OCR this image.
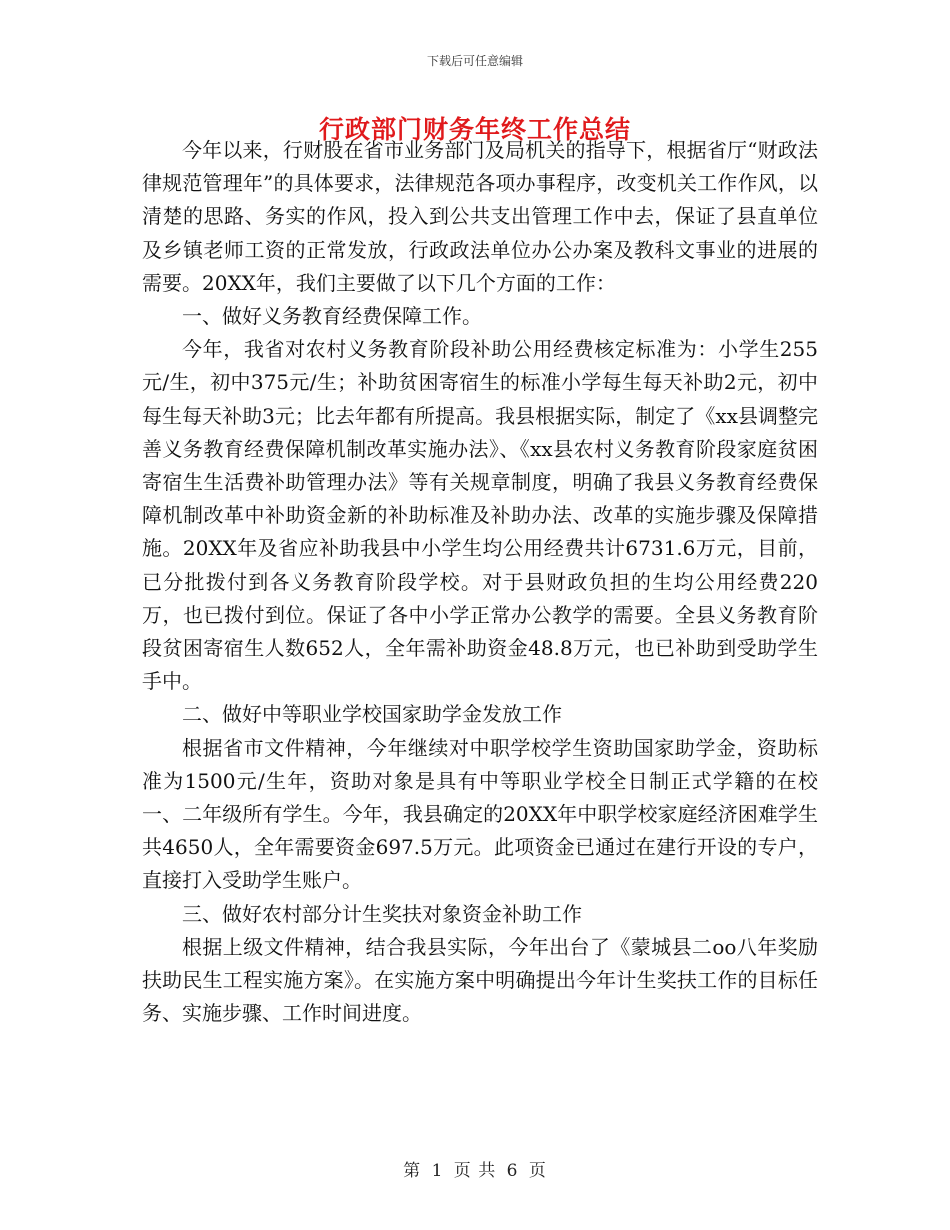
下载后可任意编辑
行政部门财务年终工作总结

今年以来，行财股在省市业务部门及局机关的指导下，根据省厅“财政法律规范管理年”的具体要求，法律规范各项办事程序，改变机关工作作风，以清楚的思路、务实的作风，投入到公共支出管理工作中去，保证了县直单位及乡镇老师工资的正常发放，行政政法单位办公办案及教科文事业的进展的需要。20XX年，我们主要做了以下几个方面的工作：

一、做好义务教育经费保障工作。

今年，我省对农村义务教育阶段补助公用经费核定标准为：小学生255元/生，初中375元/生；补助贫困寄宿生的标准小学每生每天补助2元，初中每生每天补助3元；比去年都有所提高。我县根据实际，制定了《xx县调整完善义务教育经费保障机制改革实施办法》、《xx县农村义务教育阶段家庭贫困寄宿生生活费补助管理办法》等有关规章制度，明确了我县义务教育经费保障机制改革中补助资金新的补助标准及补助办法、改革的实施步骤及保障措施。20XX年及省应补助我县中小学生均公用经费共计6731.6万元，目前，已分批拨付到各义务教育阶段学校。对于县财政负担的生均公用经费220万，也已拨付到位。保证了各中小学正常办公教学的需要。全县义务教育阶段贫困寄宿生人数652人，全年需补助资金48.8万元，也已补助到受助学生手中。

二、做好中等职业学校国家助学金发放工作

根据省市文件精神，今年继续对中职学校学生资助国家助学金，资助标准为1500元/生年，资助对象是具有中等职业学校全日制正式学籍的在校一、二年级所有学生。今年，我县确定的20XX年中职学校家庭经济困难学生共4650人，全年需要资金697.5万元。此项资金已通过在建行开设的专户，直接打入受助学生账户。

三、做好农村部分计生奖扶对象资金补助工作

根据上级文件精神，结合我县实际，今年出台了《蒙城县二oo八年奖励扶助民生工程实施方案》。在实施方案中明确提出今年计生奖扶工作的目标任务、实施步骤、工作时间进度。

第 1 页 共 6 页
